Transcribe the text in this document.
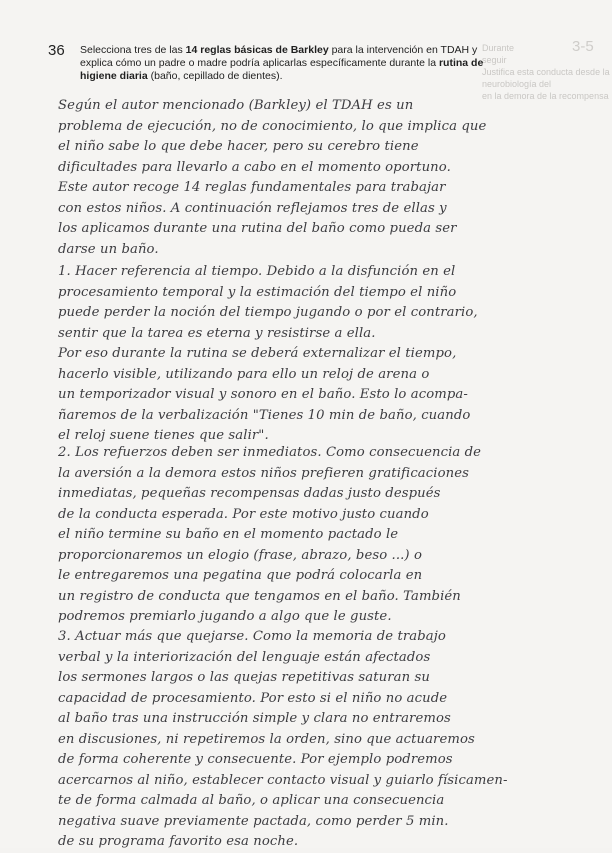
3-5
Durante
seguir
Justifica esta conducta desde la neurobiología del
en la demora de la recompensa
36 Selecciona tres de las 14 reglas básicas de Barkley para la intervención en TDAH y explica cómo un padre o madre podría aplicarlas específicamente durante la rutina de higiene diaria (baño, cepillado de dientes).
Según el autor mencionado (Barkley) el TDAH es un
problema de ejecución, no de conocimiento, lo que implica que
el niño sabe lo que debe hacer, pero su cerebro tiene
dificultades para llevarlo a cabo en el momento oportuno.
Este autor recoge 14 reglas fundamentales para trabajar
con estos niños. A continuación reflejamos tres de ellas y
los aplicamos durante una rutina del baño como pueda ser
darse un baño.
1. Hacer referencia al tiempo. Debido a la disfunción en el
procesamiento temporal y la estimación del tiempo el niño
puede perder la noción del tiempo jugando o por el contrario,
sentir que la tarea es eterna y resistirse a ella.
Por eso durante la rutina se deberá externalizar el tiempo,
hacerlo visible, utilizando para ello un reloj de arena o
un temporizador visual y sonoro en el baño. Esto lo acompa-
ñaremos de la verbalización "Tienes 10 min de baño, cuando
el reloj suene tienes que salir".
2. Los refuerzos deben ser inmediatos. Como consecuencia de
la aversión a la demora estos niños prefieren gratificaciones
inmediatas, pequeñas recompensas dadas justo después
de la conducta esperada. Por este motivo justo cuando
el niño termine su baño en el momento pactado le
proporcionaremos un elogio (frase, abrazo, beso ...) o
le entregaremos una pegatina que podrá colocarla en
un registro de conducta que tengamos en el baño. También
podremos premiarlo jugando a algo que le guste.
3. Actuar más que quejarse. Como la memoria de trabajo
verbal y la interiorización del lenguaje están afectados
los sermones largos o las quejas repetitivas saturan su
capacidad de procesamiento. Por esto si el niño no acude
al baño tras una instrucción simple y clara no entraremos
en discusiones, ni repetiremos la orden, sino que actuaremos
de forma coherente y consecuente. Por ejemplo podremos
acercarnos al niño, establecer contacto visual y guiarlo físicamen-
te de forma calmada al baño, o aplicar una consecuencia
negativa suave previamente pactada, como perder 5 min.
de su programa favorito esa noche.
